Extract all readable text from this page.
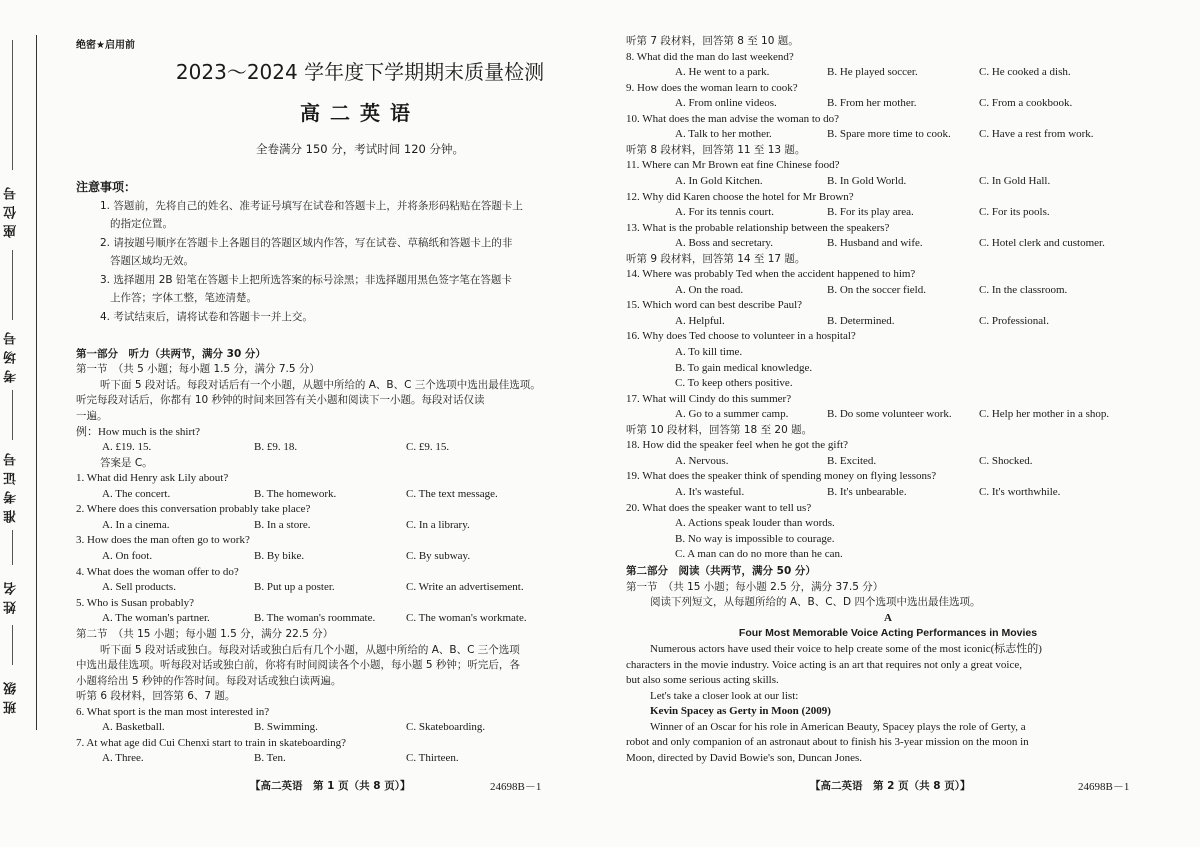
座位号
考场号
准考证号
姓名
班级
绝密★启用前
2023～2024 学年度下学期期末质量检测
高二英语
全卷满分 150 分，考试时间 120 分钟。
注意事项：
1. 答题前，先将自己的姓名、准考证号填写在试卷和答题卡上，并将条形码粘贴在答题卡上
的指定位置。
2. 请按题号顺序在答题卡上各题目的答题区域内作答，写在试卷、草稿纸和答题卡上的非
答题区域均无效。
3. 选择题用 2B 铅笔在答题卡上把所选答案的标号涂黑；非选择题用黑色签字笔在答题卡
上作答；字体工整，笔迹清楚。
4. 考试结束后，请将试卷和答题卡一并上交。
第一部分　听力（共两节，满分 30 分）
第一节　（共 5 小题；每小题 1.5 分，满分 7.5 分）
听下面 5 段对话。每段对话后有一个小题，从题中所给的 A、B、C 三个选项中选出最佳选项。
听完每段对话后，你都有 10 秒钟的时间来回答有关小题和阅读下一小题。每段对话仅读
一遍。
例：How much is the shirt?
A. £19. 15.	B. £9. 18.	C. £9. 15.
答案是 C。
1. What did Henry ask Lily about?
A. The concert.	B. The homework.	C. The text message.
2. Where does this conversation probably take place?
A. In a cinema.	B. In a store.	C. In a library.
3. How does the man often go to work?
A. On foot.	B. By bike.	C. By subway.
4. What does the woman offer to do?
A. Sell products.	B. Put up a poster.	C. Write an advertisement.
5. Who is Susan probably?
A. The woman's partner.	B. The woman's roommate.	C. The woman's workmate.
第二节　（共 15 小题；每小题 1.5 分，满分 22.5 分）
听下面 5 段对话或独白。每段对话或独白后有几个小题，从题中所给的 A、B、C 三个选项
中选出最佳选项。听每段对话或独白前，你将有时间阅读各个小题，每小题 5 秒钟；听完后，各
小题将给出 5 秒钟的作答时间。每段对话或独白读两遍。
听第 6 段材料，回答第 6、7 题。
6. What sport is the man most interested in?
A. Basketball.	B. Swimming.	C. Skateboarding.
7. At what age did Cui Chenxi start to train in skateboarding?
A. Three.	B. Ten.	C. Thirteen.
【高二英语　第 1 页（共 8 页）】	24698B－1
听第 7 段材料，回答第 8 至 10 题。
8. What did the man do last weekend?
A. He went to a park.	B. He played soccer.	C. He cooked a dish.
9. How does the woman learn to cook?
A. From online videos.	B. From her mother.	C. From a cookbook.
10. What does the man advise the woman to do?
A. Talk to her mother.	B. Spare more time to cook.	C. Have a rest from work.
听第 8 段材料，回答第 11 至 13 题。
11. Where can Mr Brown eat fine Chinese food?
A. In Gold Kitchen.	B. In Gold World.	C. In Gold Hall.
12. Why did Karen choose the hotel for Mr Brown?
A. For its tennis court.	B. For its play area.	C. For its pools.
13. What is the probable relationship between the speakers?
A. Boss and secretary.	B. Husband and wife.	C. Hotel clerk and customer.
听第 9 段材料，回答第 14 至 17 题。
14. Where was probably Ted when the accident happened to him?
A. On the road.	B. On the soccer field.	C. In the classroom.
15. Which word can best describe Paul?
A. Helpful.	B. Determined.	C. Professional.
16. Why does Ted choose to volunteer in a hospital?
A. To kill time.
B. To gain medical knowledge.
C. To keep others positive.
17. What will Cindy do this summer?
A. Go to a summer camp.	B. Do some volunteer work.	C. Help her mother in a shop.
听第 10 段材料，回答第 18 至 20 题。
18. How did the speaker feel when he got the gift?
A. Nervous.	B. Excited.	C. Shocked.
19. What does the speaker think of spending money on flying lessons?
A. It's wasteful.	B. It's unbearable.	C. It's worthwhile.
20. What does the speaker want to tell us?
A. Actions speak louder than words.
B. No way is impossible to courage.
C. A man can do no more than he can.
第二部分　阅读（共两节，满分 50 分）
第一节　（共 15 小题；每小题 2.5 分，满分 37.5 分）
阅读下列短文，从每题所给的 A、B、C、D 四个选项中选出最佳选项。
A
Four Most Memorable Voice Acting Performances in Movies
Numerous actors have used their voice to help create some of the most iconic(标志性的)
characters in the movie industry. Voice acting is an art that requires not only a great voice,
but also some serious acting skills.
Let's take a closer look at our list:
Kevin Spacey as Gerty in Moon (2009)
Winner of an Oscar for his role in American Beauty, Spacey plays the role of Gerty, a
robot and only companion of an astronaut about to finish his 3-year mission on the moon in
Moon, directed by David Bowie's son, Duncan Jones.
【高二英语　第 2 页（共 8 页）】	24698B－1
